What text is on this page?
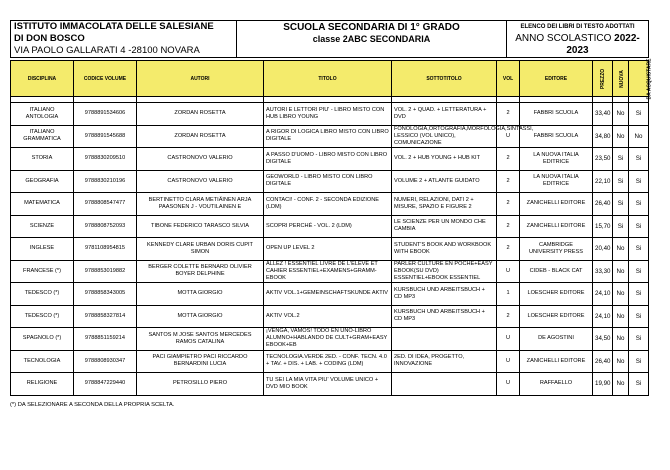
ISTITUTO IMMACOLATA DELLE SALESIANE
DI DON BOSCO
VIA PAOLO GALLARATI 4 -28100 NOVARA

SCUOLA SECONDARIA DI 1° GRADO
classe 2ABC SECONDARIA

ELENCO DEI LIBRI DI TESTO ADOTTATI
ANNO SCOLASTICO 2022-2023
DISCIPLINA	CODICE VOLUME	AUTORI	TITOLO	SOTTOTITOLO	VOL	EDITORE	PREZZO	NUOVA	DA ACQUISTARE

ITALIANO ANTOLOGIA	9788891534606	ZORDAN ROSETTA	AUTORI E LETTORI PIU' - LIBRO MISTO CON HUB LIBRO YOUNG	VOL. 2 + QUAD. + LETTERATURA + DVD	2	FABBRI SCUOLA	33,40	No	Si
ITALIANO GRAMMATICA	9788891545688	ZORDAN ROSETTA	A RIGOR DI LOGICA LIBRO MISTO CON LIBRO DIGITALE	FONOLOGIA,ORTOGRAFIA,MORFOLOGIA,SINTASSI, LESSICO (VOL UNICO), COMUNICAZIONE	U	FABBRI SCUOLA	34,80	No	No
STORIA	9788830209510	CASTRONOVO VALERIO	A PASSO D'UOMO - LIBRO MISTO CON LIBRO DIGITALE	VOL. 2 + HUB YOUNG + HUB KIT	2	LA NUOVA ITALIA EDITRICE	23,50	Si	Si
GEOGRAFIA	9788830210196	CASTRONOVO VALERIO	GEOWORLD - LIBRO MISTO CON LIBRO DIGITALE	VOLUME 2 + ATLANTE GUIDATO	2	LA NUOVA ITALIA EDITRICE	22,10	Si	Si
MATEMATICA	9788808547477	BERTINETTO CLARA METIÄINEN ARJA PAASONEN J - VOUTILAINEN E	CONTACI! - CONF. 2 - SECONDA EDIZIONE (LDM)	NUMERI, RELAZIONI, DATI 2 + MISURE, SPAZIO E FIGURE 2	2	ZANICHELLI EDITORE	26,40	Si	Si
SCIENZE	9788808752093	TIBONE FEDERICO TARASCO SILVIA	SCOPRI PERCHÉ - VOL. 2 (LDM)	LE SCIENZE PER UN MONDO CHE CAMBIA	2	ZANICHELLI EDITORE	15,70	Si	Si
INGLESE	9781108954815	KENNEDY CLARE URBAN DORIS CUPIT SIMON	OPEN UP LEVEL 2	STUDENT'S BOOK AND WORKBOOK WITH EBOOK	2	CAMBRIDGE UNIVERSITY PRESS	20,40	No	Si
FRANCESE (*)	9788853019882	BERGER COLETTE BERNARD OLIVIER BOYER DELPHINE	ALLEZ ! ESSENTIEL LIVRE DE L'ÉLÈVE ET CAHIER ESSENTIEL+EXAMENS+GRAMM-EBOOK	PARLER CULTURE EN POCHE+EASY EBOOK(SU DVD) ESSENTIEL+EBOOK ESSENTIEL	U	CIDEB - BLACK CAT	33,30	No	Si
TEDESCO (*)	9788858343005	MOTTA GIORGIO	AKTIV VOL.1+GEMEINSCHAFTSKUNDE AKTIV	KURSBUCH UND ARBEITSBUCH + CD MP3	1	LOESCHER EDITORE	24,10	No	Si
TEDESCO (*)	9788858327814	MOTTA GIORGIO	AKTIV VOL.2	KURSBUCH UND ARBEITSBUCH + CD MP3	2	LOESCHER EDITORE	24,10	No	Si
SPAGNOLO (*)	9788851159214	SANTOS M JOSE SANTOS MERCEDES RAMOS CATALINA	¡VENGA, VAMOS! TODO EN UNO-LIBRO ALUMNO+HABLANDO DE CULT+GRAM+EASY EBOOK+EB		U	DE AGOSTINI	34,50	No	Si
TECNOLOGIA	9788808930347	PACI GIAMPIETRO PACI RICCARDO BERNARDINI LUCIA	TECNOLOGIA.VERDE 2ED. - CONF. TECN. 4.0 + TAV. + DIS. + LAB. + CODING (LDM)	2ED. DI IDEA, PROGETTO, INNOVAZIONE	U	ZANICHELLI EDITORE	26,40	No	Si
RELIGIONE	9788847229440	PETROSILLO PIERO	TU SEI LA MIA VITA PIU' VOLUME UNICO + DVD MIO BOOK		U	RAFFAELLO	19,90	No	Si
(*) DA SELEZIONARE A SECONDA DELLA PROPRIA SCELTA.
